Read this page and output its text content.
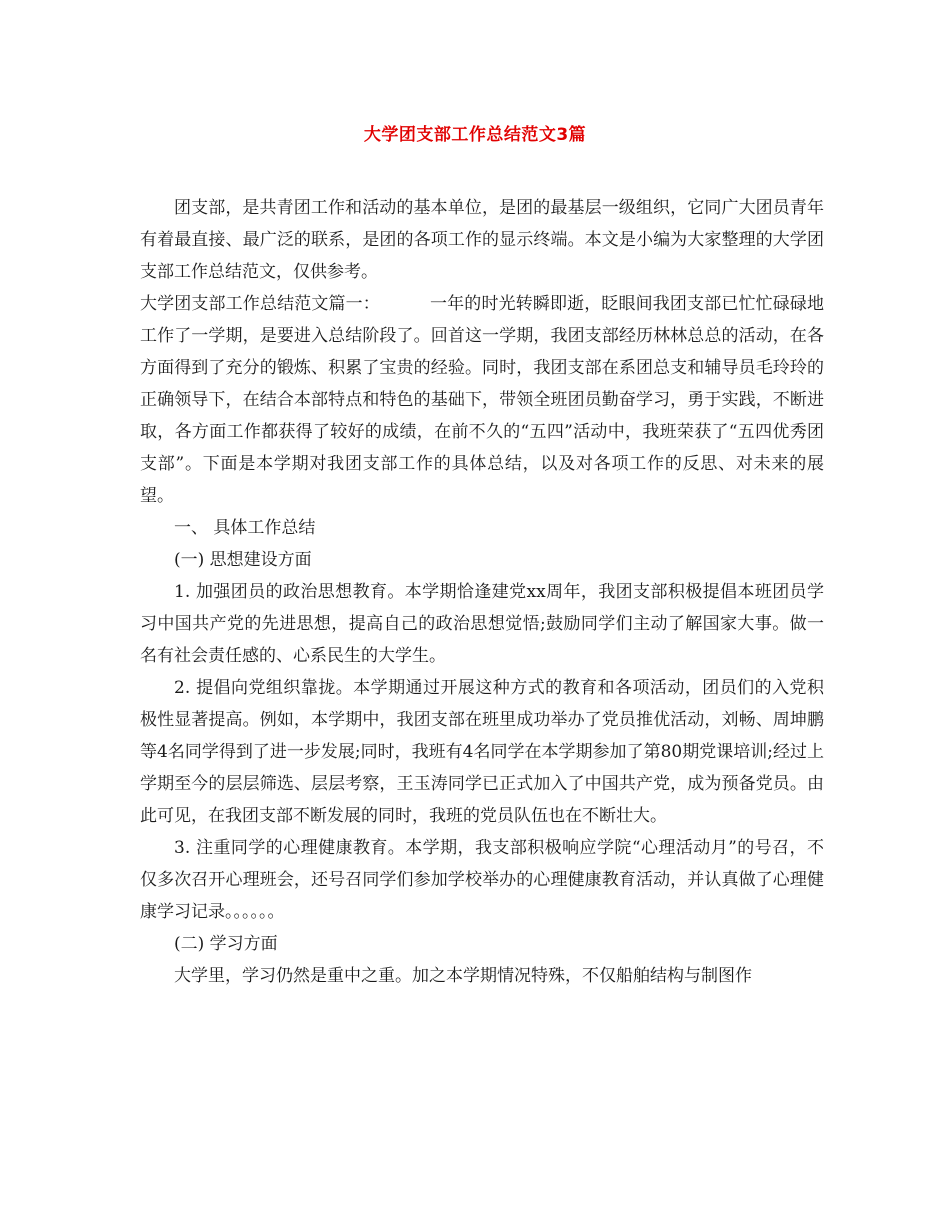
大学团支部工作总结范文3篇

团支部，是共青团工作和活动的基本单位，是团的最基层一级组织，它同广大团员青年有着最直接、最广泛的联系，是团的各项工作的显示终端。本文是小编为大家整理的大学团支部工作总结范文，仅供参考。

大学团支部工作总结范文篇一：	一年的时光转瞬即逝，眨眼间我团支部已忙忙碌碌地工作了一学期，是要进入总结阶段了。回首这一学期，我团支部经历林林总总的活动，在各方面得到了充分的锻炼、积累了宝贵的经验。同时，我团支部在系团总支和辅导员毛玲玲的正确领导下，在结合本部特点和特色的基础下，带领全班团员勤奋学习，勇于实践，不断进取，各方面工作都获得了较好的成绩，在前不久的“五四”活动中，我班荣获了“五四优秀团支部”。下面是本学期对我团支部工作的具体总结，以及对各项工作的反思、对未来的展望。

一、 具体工作总结

(一) 思想建设方面

1. 加强团员的政治思想教育。本学期恰逢建党xx周年，我团支部积极提倡本班团员学习中国共产党的先进思想，提高自己的政治思想觉悟;鼓励同学们主动了解国家大事。做一名有社会责任感的、心系民生的大学生。

2. 提倡向党组织靠拢。本学期通过开展这种方式的教育和各项活动，团员们的入党积极性显著提高。例如，本学期中，我团支部在班里成功举办了党员推优活动，刘畅、周坤鹏等4名同学得到了进一步发展;同时，我班有4名同学在本学期参加了第80期党课培训;经过上学期至今的层层筛选、层层考察，王玉涛同学已正式加入了中国共产党，成为预备党员。由此可见，在我团支部不断发展的同时，我班的党员队伍也在不断壮大。

3. 注重同学的心理健康教育。本学期，我支部积极响应学院“心理活动月”的号召，不仅多次召开心理班会，还号召同学们参加学校举办的心理健康教育活动，并认真做了心理健康学习记录。。。。。。

(二) 学习方面

大学里，学习仍然是重中之重。加之本学期情况特殊，不仅船舶结构与制图作
